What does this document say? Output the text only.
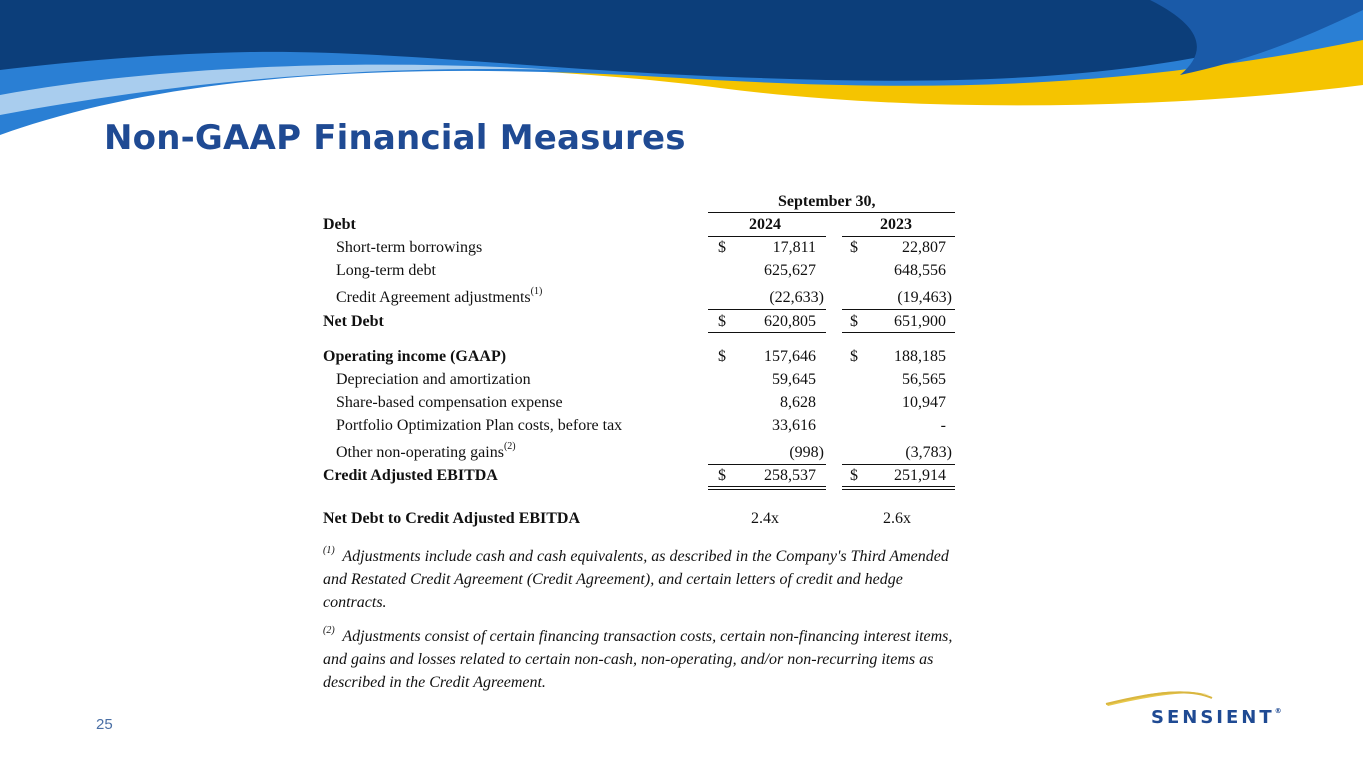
Non-GAAP Financial Measures
September 30,
Debt	2024	2023
Short-term borrowings	$	17,811 $	22,807
Long-term debt	625,627	648,556
Credit Agreement adjustments$^{(1)}$	(22,633)	(19,463)
Net Debt	$	620,805 $	651,900
Operating income (GAAP)	$	157,646 $	188,185
Depreciation and amortization	59,645	56,565
Share-based compensation expense	8,628	10,947
Portfolio Optimization Plan costs, before tax	33,616	-
Other non-operating gains$^{(2)}$	(998)	(3,783)
Credit Adjusted EBITDA	$	258,537 $	251,914
Net Debt to Credit Adjusted EBITDA	2.4x	2.6x
$^{(1)}$ Adjustments include cash and cash equivalents, as described in the Company's Third Amended and Restated Credit Agreement (Credit Agreement), and certain letters of credit and hedge contracts.
$^{(2)}$ Adjustments consist of certain financing transaction costs, certain non-financing interest items, and gains and losses related to certain non-cash, non-operating, and/or non-recurring items as described in the Credit Agreement.
25	SENSIENT®
